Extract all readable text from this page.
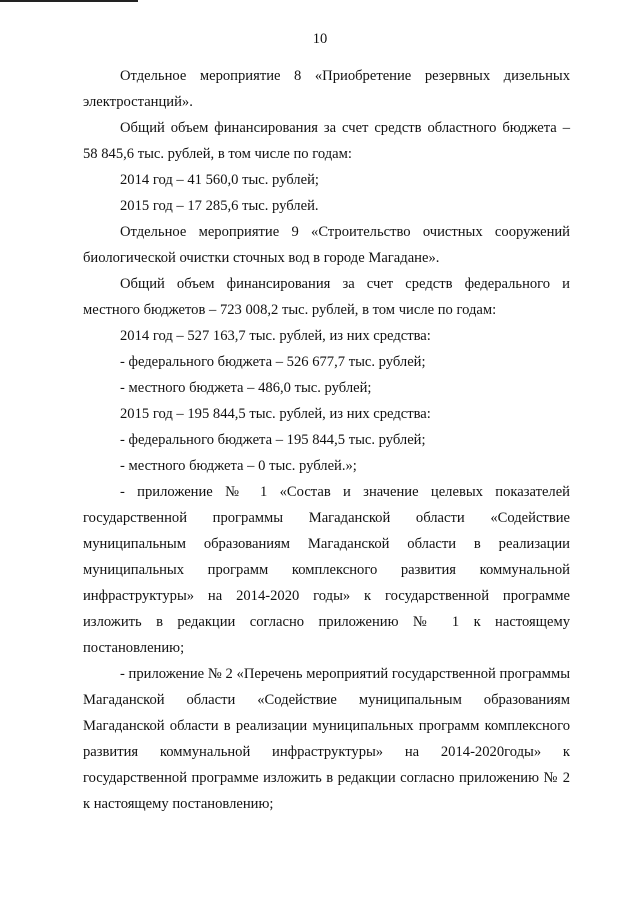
10

Отдельное мероприятие 8 «Приобретение резервных дизельных электростанций».

Общий объем финансирования за счет средств областного бюджета – 58 845,6 тыс. рублей, в том числе по годам:

2014 год – 41 560,0 тыс. рублей;

2015 год – 17 285,6 тыс. рублей.

Отдельное мероприятие 9 «Строительство очистных сооружений биологической очистки сточных вод в городе Магадане».

Общий объем финансирования за счет средств федерального и местного бюджетов – 723 008,2 тыс. рублей, в том числе по годам:

2014 год – 527 163,7 тыс. рублей, из них средства:

- федерального бюджета – 526 677,7 тыс. рублей;

- местного бюджета – 486,0 тыс. рублей;

2015 год – 195 844,5 тыс. рублей, из них средства:

- федерального бюджета – 195 844,5 тыс. рублей;

- местного бюджета – 0 тыс. рублей.»;

- приложение № 1 «Состав и значение целевых показателей государственной программы Магаданской области «Содействие муниципальным образованиям Магаданской области в реализации муниципальных программ комплексного развития коммунальной инфраструктуры» на 2014-2020 годы» к государственной программе изложить в редакции согласно приложению № 1 к настоящему постановлению;

- приложение № 2 «Перечень мероприятий государственной программы Магаданской области «Содействие муниципальным образованиям Магаданской области в реализации муниципальных программ комплексного развития коммунальной инфраструктуры» на 2014-2020годы» к государственной программе изложить в редакции согласно приложению № 2 к настоящему постановлению;
